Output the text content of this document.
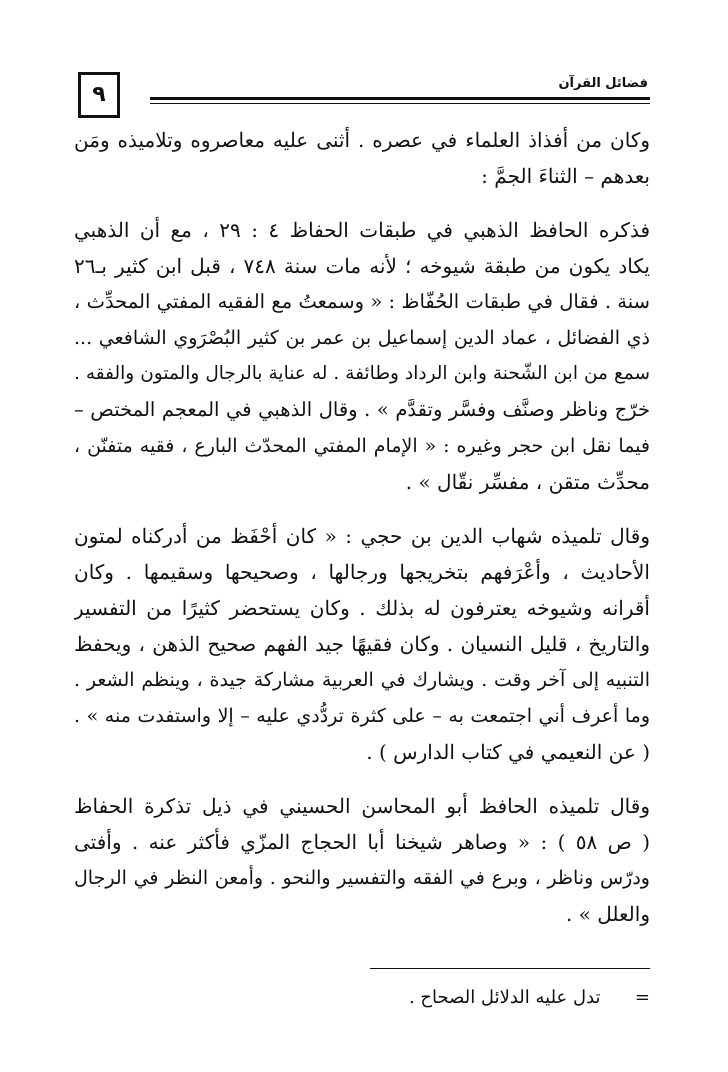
٩	فضائل القرآن
وكان من أفذاذ العلماء في عصره . أثنى عليه معاصروه وتلاميذه ومَن
بعدهم – الثناءَ الجمَّ :
فذكره الحافظ الذهبي في طبقات الحفاظ ٤ : ٢٩ ، مع أن الذهبي
يكاد يكون من طبقة شيوخه ؛ لأنه مات سنة ٧٤٨ ، قبل ابن كثير بـ٢٦
سنة . فقال في طبقات الحُفّاظ : « وسمعتُ مع الفقيه المفتي المحدِّث ،
ذي الفضائل ، عماد الدين إسماعيل بن عمر بن كثير البُصْرَوي الشافعي ...
سمع من ابن الشّحنة وابن الرداد وطائفة . له عناية بالرجال والمتون والفقه .
خرّج وناظر وصنَّف وفسَّر وتقدَّم » . وقال الذهبي في المعجم المختص –
فيما نقل ابن حجر وغيره : « الإمام المفتي المحدّث البارع ، فقيه متفنّن ،
محدِّث متقن ، مفسِّر نقّال » .
وقال تلميذه شهاب الدين بن حجي : « كان أحْفَظ من أدركناه لمتون
الأحاديث ، وأعْرَفهم بتخريجها ورجالها ، وصحيحها وسقيمها . وكان
أقرانه وشيوخه يعترفون له بذلك . وكان يستحضر كثيرًا من التفسير
والتاريخ ، قليل النسيان . وكان فقيهًا جيد الفهم صحيح الذهن ، ويحفظ
التنبيه إلى آخر وقت . ويشارك في العربية مشاركة جيدة ، وينظم الشعر .
وما أعرف أني اجتمعت به – على كثرة تردُّدي عليه – إلا واستفدت منه » .
( عن النعيمي في كتاب الدارس ) .
وقال تلميذه الحافظ أبو المحاسن الحسيني في ذيل تذكرة الحفاظ
( ص ٥٨ ) : « وصاهر شيخنا أبا الحجاج المزّي فأكثر عنه . وأفتى
ودرّس وناظر ، وبرع في الفقه والتفسير والنحو . وأمعن النظر في الرجال
والعلل » .
=      تدل عليه الدلائل الصحاح .
